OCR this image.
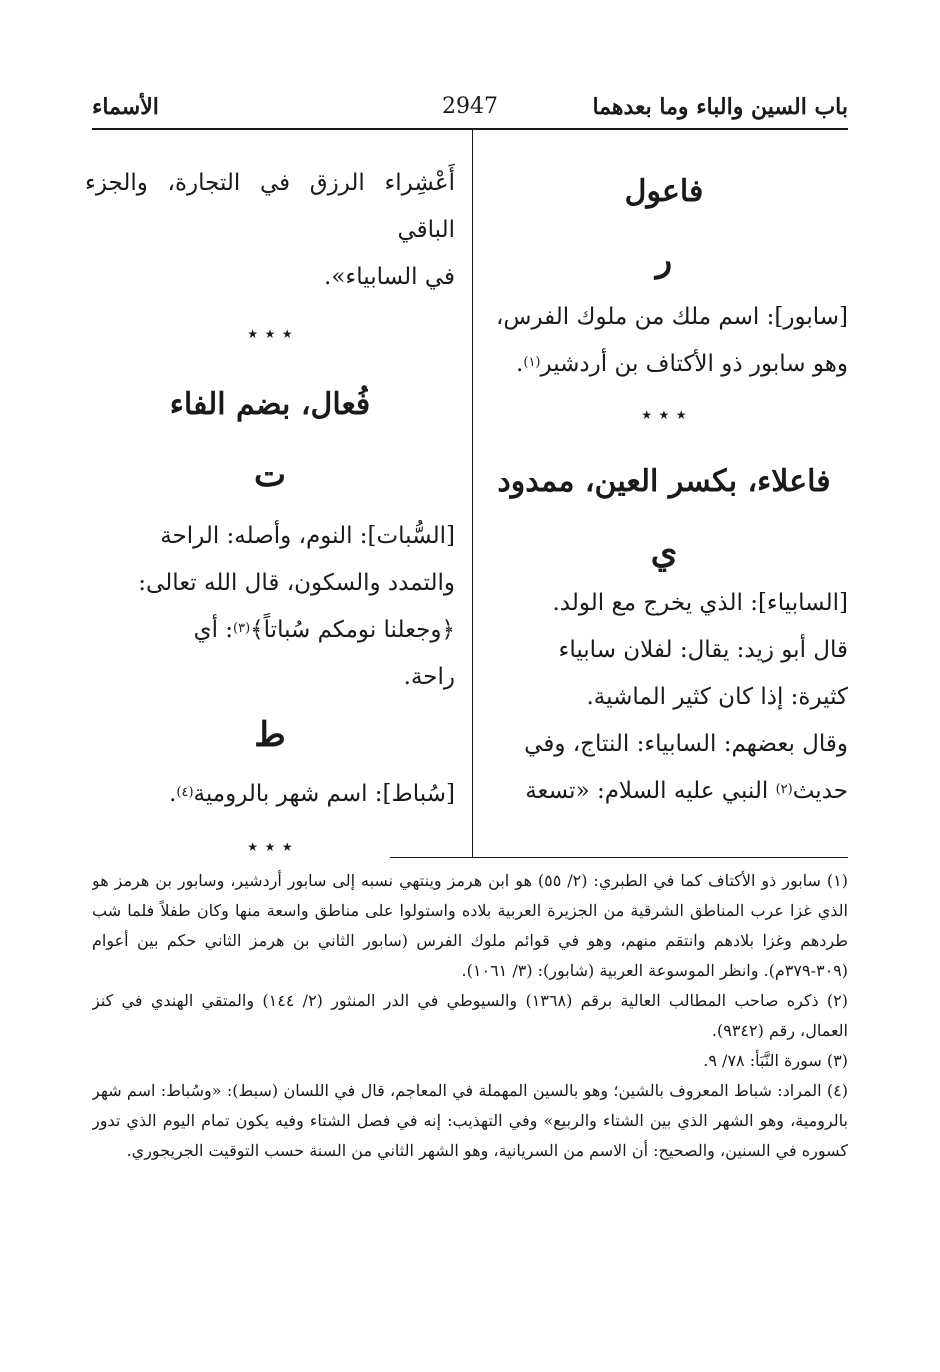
باب السين والباء وما بعدهما
2947
الأسماء

فاعول

ر

[سابور]: اسم ملك من ملوك الفرس،

وهو سابور ذو الأكتاف بن أردشير$^{(١)}$.

٭ ٭ ٭

فاعلاء، بكسر العين، ممدود

ي

[السابياء]: الذي يخرج مع الولد.

قال أبو زيد: يقال: لفلان سابياء

كثيرة: إذا كان كثير الماشية.

وقال بعضهم: السابياء: النتاج، وفي

حديث$^{(٢)}$ النبي عليه السلام: «تسعة

أَعْشِراء الرزق في التجارة، والجزء الباقي

في السابياء».

٭ ٭ ٭

فُعال، بضم الفاء

ت

[السُّبات]: النوم، وأصله: الراحة

والتمدد والسكون، قال الله تعالى:

﴿وجعلنا نومكم سُباتاً﴾$^{(٣)}$: أي

راحة.

ط

[سُباط]: اسم شهر بالرومية$^{(٤)}$.

٭ ٭ ٭

(١) سابور ذو الأكتاف كما في الطبري: (٢/ ٥٥) هو ابن هرمز وينتهي نسبه إلى سابور أردشير، وسابور بن هرمز هو الذي غزا عرب المناطق الشرقية من الجزيرة العربية بلاده واستولوا على مناطق واسعة منها وكان طفلاً فلما شب طردهم وغزا بلادهم وانتقم منهم، وهو في قوائم ملوك الفرس (سابور الثاني بن هرمز الثاني حكم بين أعوام (٣٠٩-٣٧٩م). وانظر الموسوعة العربية (شابور): (٣/ ١٠٦١).

(٢) ذكره صاحب المطالب العالية برقم (١٣٦٨) والسيوطي في الدر المنثور (٢/ ١٤٤) والمتقي الهندي في كنز العمال، رقم (٩٣٤٢).

(٣) سورة النَّبَأ: ٧٨/ ٩.

(٤) المراد: شباط المعروف بالشين؛ وهو بالسين المهملة في المعاجم، قال في اللسان (سبط): «وسُباط: اسم شهر بالرومية، وهو الشهر الذي بين الشتاء والربيع» وفي التهذيب: إنه في فصل الشتاء وفيه يكون تمام اليوم الذي تدور كسوره في السنين، والصحيح: أن الاسم من السريانية، وهو الشهر الثاني من السنة حسب التوقيت الجريجوري.
